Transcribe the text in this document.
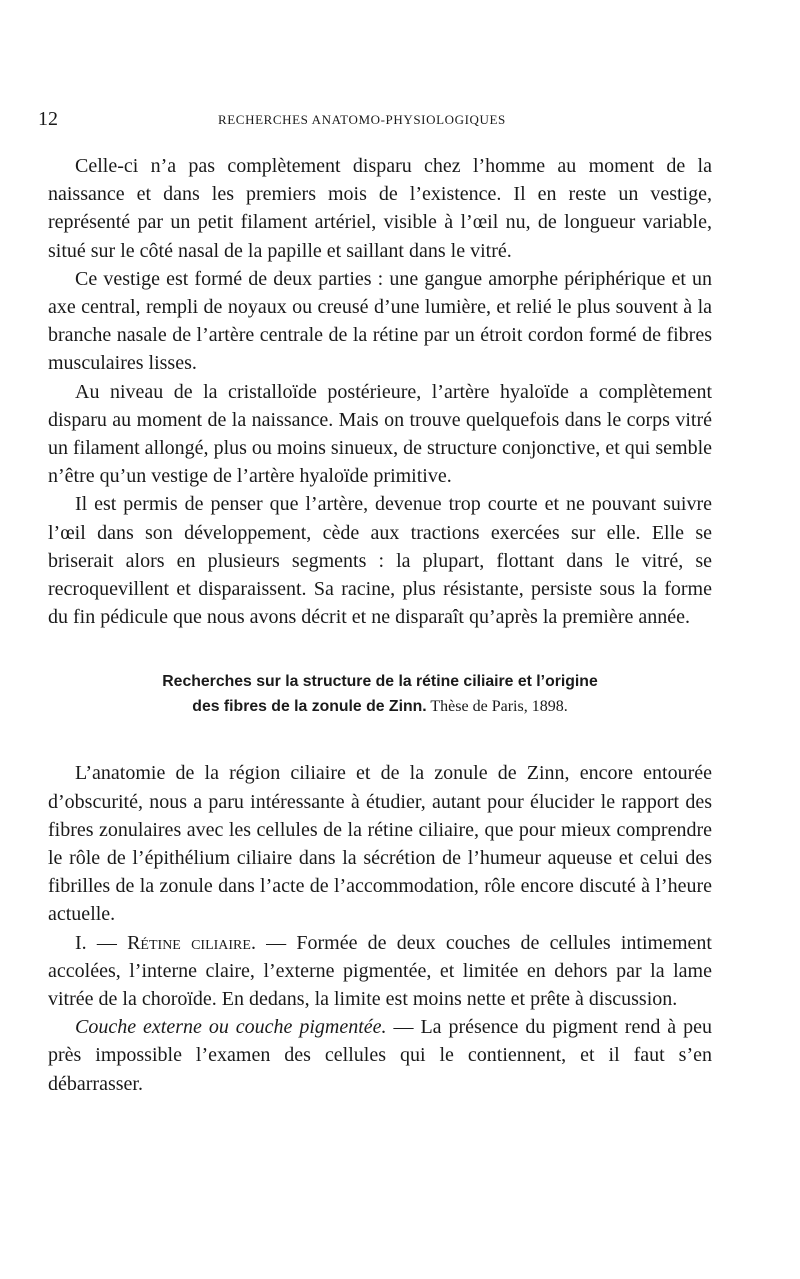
12	RECHERCHES ANATOMO-PHYSIOLOGIQUES

Celle-ci n’a pas complètement disparu chez l’homme au moment de la naissance et dans les premiers mois de l’existence. Il en reste un vestige, représenté par un petit filament artériel, visible à l’œil nu, de longueur variable, situé sur le côté nasal de la papille et saillant dans le vitré.

Ce vestige est formé de deux parties : une gangue amorphe périphérique et un axe central, rempli de noyaux ou creusé d’une lumière, et relié le plus souvent à la branche nasale de l’artère centrale de la rétine par un étroit cordon formé de fibres musculaires lisses.

Au niveau de la cristalloïde postérieure, l’artère hyaloïde a complètement disparu au moment de la naissance. Mais on trouve quelquefois dans le corps vitré un filament allongé, plus ou moins sinueux, de structure conjonctive, et qui semble n’être qu’un vestige de l’artère hyaloïde primitive.

Il est permis de penser que l’artère, devenue trop courte et ne pouvant suivre l’œil dans son développement, cède aux tractions exercées sur elle. Elle se briserait alors en plusieurs segments : la plupart, flottant dans le vitré, se recroquevillent et disparaissent. Sa racine, plus résistante, persiste sous la forme du fin pédicule que nous avons décrit et ne disparaît qu’après la première année.

Recherches sur la structure de la rétine ciliaire et l’origine
des fibres de la zonule de Zinn. Thèse de Paris, 1898.

L’anatomie de la région ciliaire et de la zonule de Zinn, encore entourée d’obscurité, nous a paru intéressante à étudier, autant pour élucider le rapport des fibres zonulaires avec les cellules de la rétine ciliaire, que pour mieux comprendre le rôle de l’épithélium ciliaire dans la sécrétion de l’humeur aqueuse et celui des fibrilles de la zonule dans l’acte de l’accommodation, rôle encore discuté à l’heure actuelle.

I. — Rétine ciliaire. — Formée de deux couches de cellules intimement accolées, l’interne claire, l’externe pigmentée, et limitée en dehors par la lame vitrée de la choroïde. En dedans, la limite est moins nette et prête à discussion.

Couche externe ou couche pigmentée. — La présence du pigment rend à peu près impossible l’examen des cellules qui le contiennent, et il faut s’en débarrasser.
